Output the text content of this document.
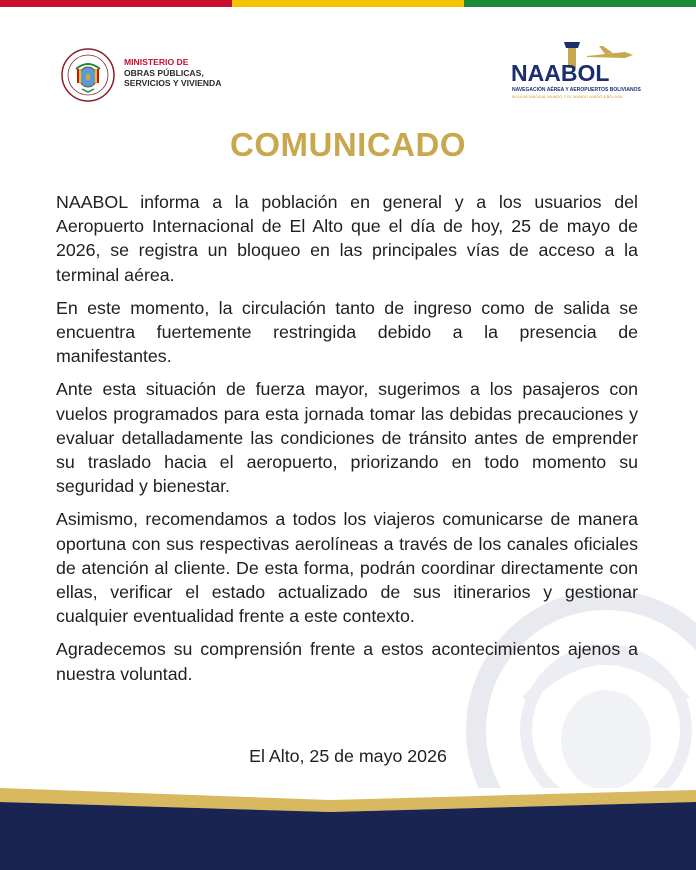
MINISTERIO DE
OBRAS PÚBLICAS,
SERVICIOS Y VIVIENDA	NAABOL
NAVEGACIÓN AÉREA Y AEROPUERTOS BOLIVIANOS
BOLIVIA UNIDA AL MUNDO Y EL MUNDO UNIDO A BOLIVIA
COMUNICADO

NAABOL informa a la población en general y a los usuarios del Aeropuerto Internacional de El Alto que el día de hoy, 25 de mayo de 2026, se registra un bloqueo en las principales vías de acceso a la terminal aérea.

En este momento, la circulación tanto de ingreso como de salida se encuentra fuertemente restringida debido a la presencia de manifestantes.

Ante esta situación de fuerza mayor, sugerimos a los pasajeros con vuelos programados para esta jornada tomar las debidas precauciones y evaluar detalladamente las condiciones de tránsito antes de emprender su traslado hacia el aeropuerto, priorizando en todo momento su seguridad y bienestar.

Asimismo, recomendamos a todos los viajeros comunicarse de manera oportuna con sus respectivas aerolíneas a través de los canales oficiales de atención al cliente. De esta forma, podrán coordinar directamente con ellas, verificar el estado actualizado de sus itinerarios y gestionar cualquier eventualidad frente a este contexto.

Agradecemos su comprensión frente a estos acontecimientos ajenos a nuestra voluntad.

El Alto, 25 de mayo 2026
